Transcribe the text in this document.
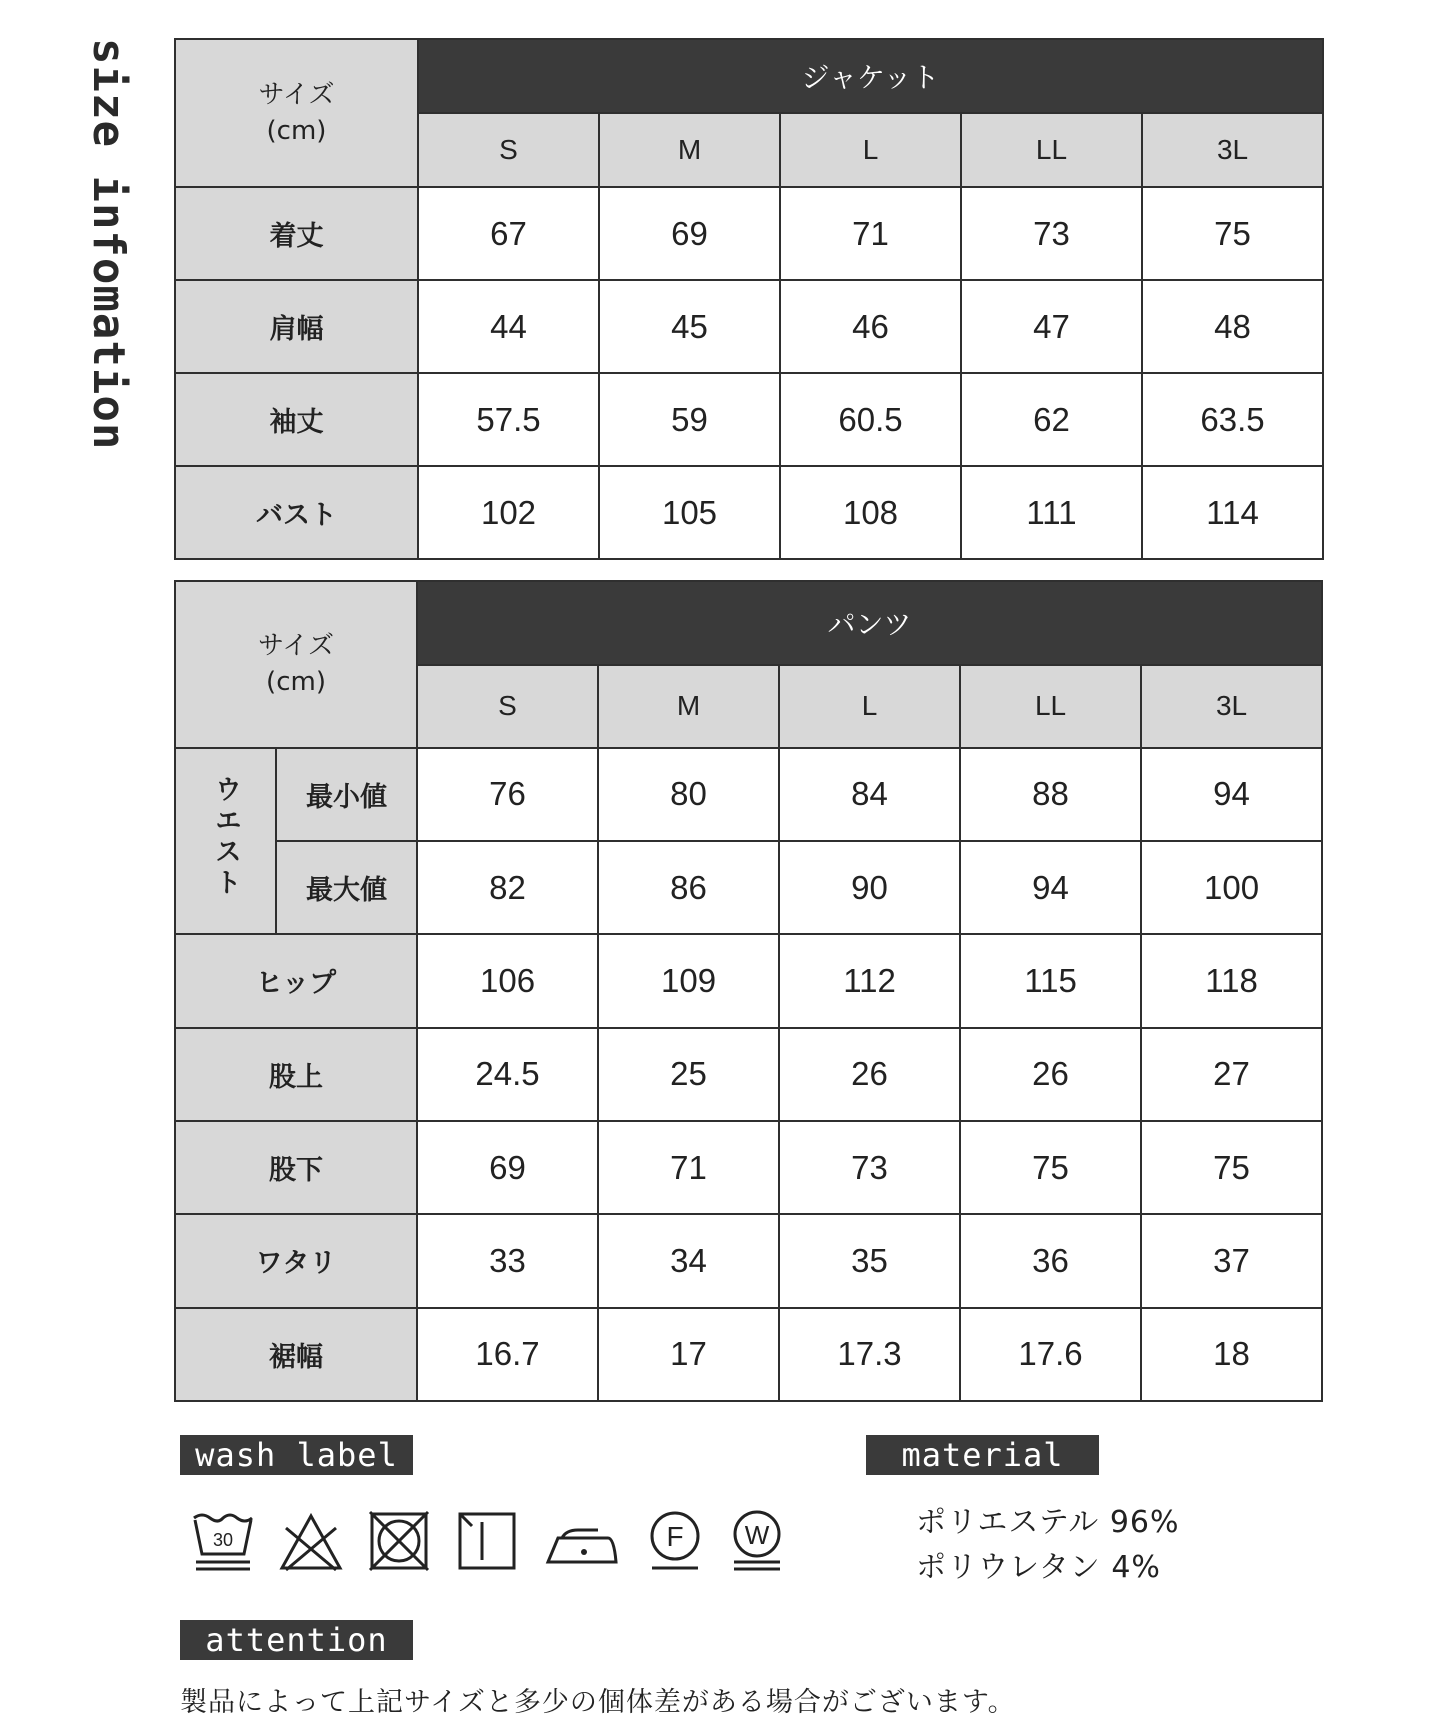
size infomation	サイズ
(cm)	ジャケット				
	S	M	L	LL	3L
着丈	67	69	71	73	75
肩幅	44	45	46	47	48
袖丈	57.5	59	60.5	62	63.5
バスト	102	105	108	111	114
サイズ
(cm)		パンツ				
		S	M	L	LL	3L
ウエスト	最小値	76	80	84	88	94
	最大値	82	86	90	94	100
ヒップ		106	109	112	115	118
股上		24.5	25	26	26	27
股下		69	71	73	75	75
ワタリ		33	34	35	36	37
裾幅		16.7	17	17.3	17.6	18
wash label	material
attention
30	F W	ポリエステル 96%
ポリウレタン 4%
製品によって上記サイズと多少の個体差がある場合がございます。
